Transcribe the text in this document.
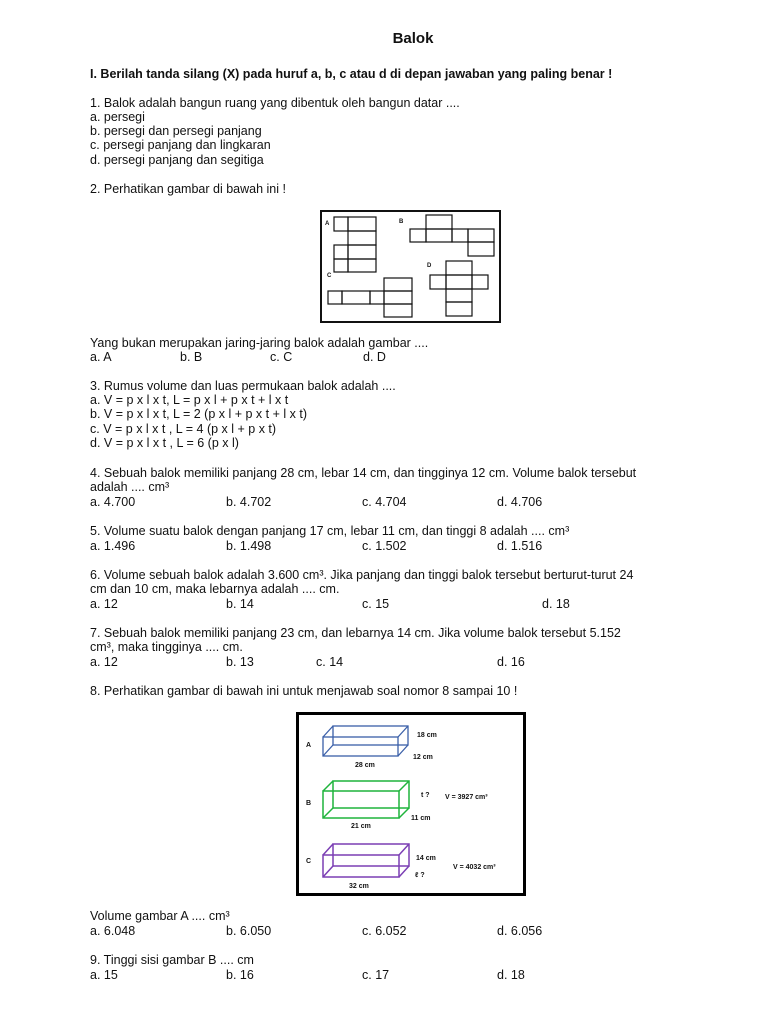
Balok
I. Berilah tanda silang (X) pada huruf a, b, c atau d di depan jawaban yang paling benar !
1. Balok adalah bangun ruang yang dibentuk oleh bangun datar ....
a. persegi
b. persegi dan persegi panjang
c. persegi panjang dan lingkaran
d. persegi panjang dan segitiga
2. Perhatikan gambar di bawah ini !
A	B
C
D
Yang bukan merupakan jaring-jaring balok adalah gambar ....
a. A	b. B	c. C	d. D
3. Rumus volume dan luas permukaan balok adalah ....
a. V = p x l x t, L = p x l + p x t + l x t
b. V = p x l x t, L = 2 (p x l + p x t + l x t)
c. V = p x l x t , L = 4 (p x l + p x t)
d. V = p x l x t , L = 6 (p x l)
4. Sebuah balok memiliki panjang 28 cm, lebar 14 cm, dan tingginya 12 cm. Volume balok tersebut
adalah .... cm³
a. 4.700	b. 4.702	c. 4.704	d. 4.706
5. Volume suatu balok dengan panjang 17 cm, lebar 11 cm, dan tinggi 8 adalah .... cm³
a. 1.496	b. 1.498	c. 1.502	d. 1.516
6. Volume sebuah balok adalah 3.600 cm³. Jika panjang dan tinggi balok tersebut berturut-turut 24
cm dan 10 cm, maka lebarnya adalah .... cm.
a. 12	b. 14	c. 15	d. 18
7. Sebuah balok memiliki panjang 23 cm, dan lebarnya 14 cm. Jika volume balok tersebut 5.152
cm³, maka tingginya .... cm.
a. 12	b. 13	c. 14	d. 16
8. Perhatikan gambar di bawah ini untuk menjawab soal nomor 8 sampai 10 !
A
18 cm
12 cm
28 cm
B
t ? V = 3927 cm³
11 cm
21 cm
C	14 cm
V = 4032 cm³
ℓ ?
32 cm
Volume gambar A .... cm³
a. 6.048	b. 6.050	c. 6.052	d. 6.056
9. Tinggi sisi gambar B .... cm
a. 15	b. 16	c. 17	d. 18
